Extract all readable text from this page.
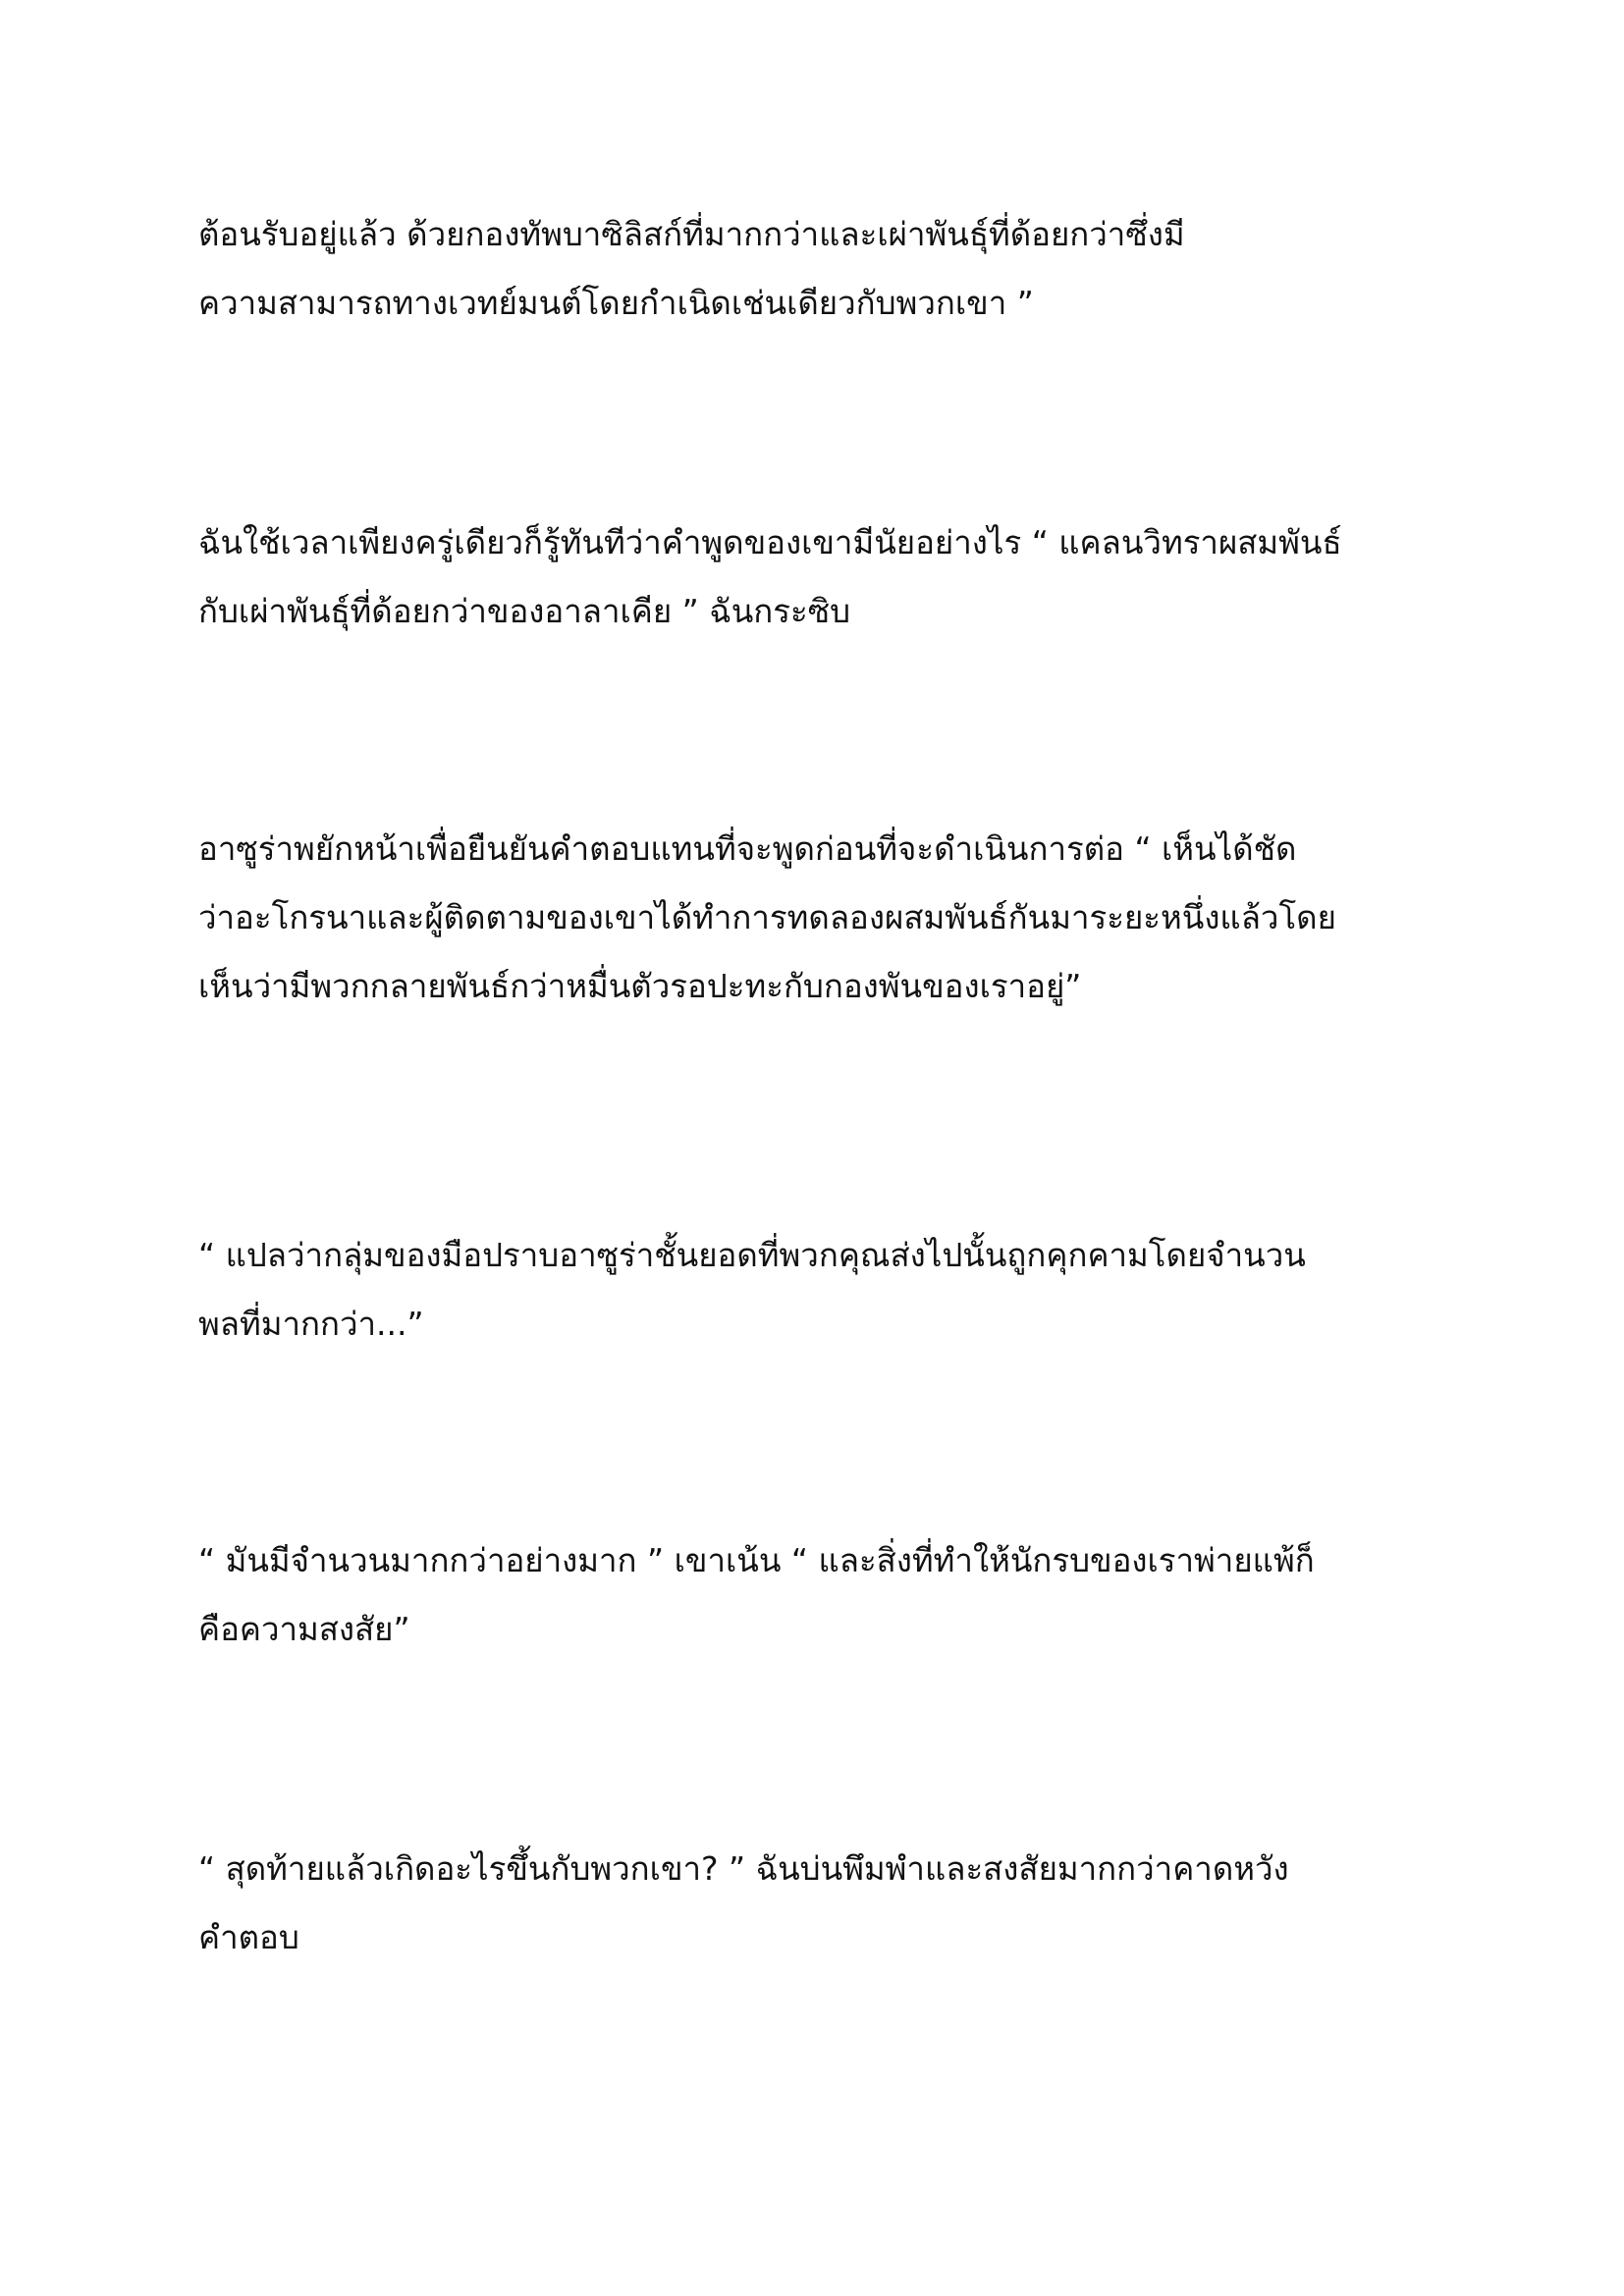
ต้อนรับอยู่แล้ว ด้วยกองทัพบาซิลิสก์ที่มากกว่าและเผ่าพันธุ์ที่ด้อยกว่าซึ่งมี
ความสามารถทางเวทย์มนต์โดยกำเนิดเช่นเดียวกับพวกเขา ”
ฉันใช้เวลาเพียงครู่เดียวก็รู้ทันทีว่าคำพูดของเขามีนัยอย่างไร “ แคลนวิทราผสมพันธ์
กับเผ่าพันธุ์ที่ด้อยกว่าของอาลาเคีย ” ฉันกระซิบ
อาซูร่าพยักหน้าเพื่อยืนยันคำตอบแทนที่จะพูดก่อนที่จะดำเนินการต่อ “ เห็นได้ชัด
ว่าอะโกรนาและผู้ติดตามของเขาได้ทำการทดลองผสมพันธ์กันมาระยะหนึ่งแล้วโดย
เห็นว่ามีพวกกลายพันธ์กว่าหมื่นตัวรอปะทะกับกองพันของเราอยู่”
“ แปลว่ากลุ่มของมือปราบอาซูร่าชั้นยอดที่พวกคุณส่งไปนั้นถูกคุกคามโดยจำนวน
พลที่มากกว่า...”
“ มันมีจำนวนมากกว่าอย่างมาก ” เขาเน้น “ และสิ่งที่ทำให้นักรบของเราพ่ายแพ้ก็
คือความสงสัย”
“ สุดท้ายแล้วเกิดอะไรขึ้นกับพวกเขา? ” ฉันบ่นพึมพำและสงสัยมากกว่าคาดหวัง
คำตอบ
